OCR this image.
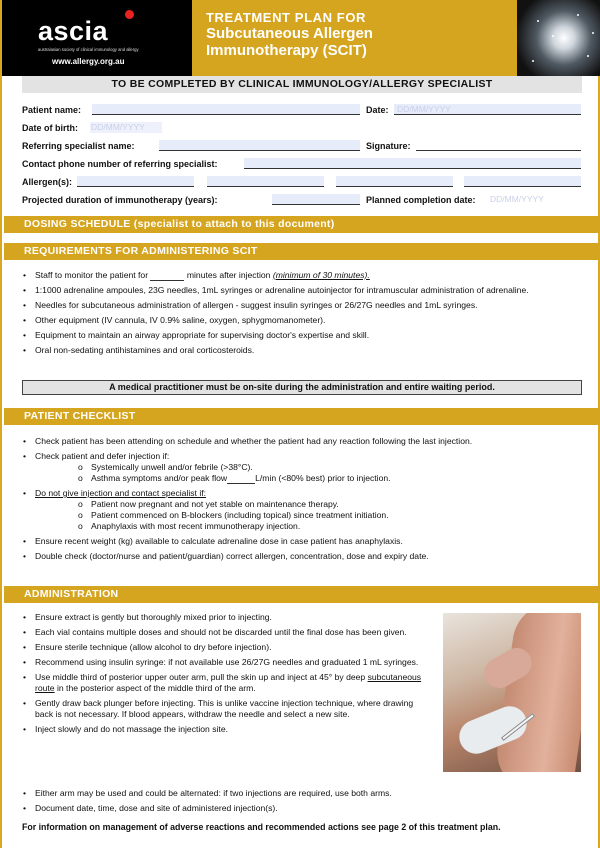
ascia
australasian society of clinical immunology and allergy
www.allergy.org.au
TREATMENT PLAN FOR
Subcutaneous Allergen
Immunotherapy (SCIT)
TO BE COMPLETED BY CLINICAL IMMUNOLOGY/ALLERGY SPECIALIST
Patient name:	Date: DD/MM/YYYY
Date of birth: DD/MM/YYYY
Referring specialist name:	Signature:
Contact phone number of referring specialist:
Allergen(s):
Projected duration of immunotherapy (years):	Planned completion date: DD/MM/YYYY
DOSING SCHEDULE (specialist to attach to this document)
REQUIREMENTS FOR ADMINISTERING SCIT
• Staff to monitor the patient for	minutes after injection (minimum of 30 minutes).
• 1:1000 adrenaline ampoules, 23G needles, 1mL syringes or adrenaline autoinjector for intramuscular administration of adrenaline.
• Needles for subcutaneous administration of allergen - suggest insulin syringes or 26/27G needles and 1mL syringes.
• Other equipment (IV cannula, IV 0.9% saline, oxygen, sphygmomanometer).
• Equipment to maintain an airway appropriate for supervising doctor's expertise and skill.
• Oral non-sedating antihistamines and oral corticosteroids.
A medical practitioner must be on-site during the administration and entire waiting period.
PATIENT CHECKLIST
• Check patient has been attending on schedule and whether the patient had any reaction following the last injection.
• Check patient and defer injection if:
o Systemically unwell and/or febrile (>38°C).
o Asthma symptoms and/or peak flow	L/min (<80% best) prior to injection.
• Do not give injection and contact specialist if:
o Patient now pregnant and not yet stable on maintenance therapy.
o Patient commenced on B-blockers (including topical) since treatment initiation.
o Anaphylaxis with most recent immunotherapy injection.
• Ensure recent weight (kg) available to calculate adrenaline dose in case patient has anaphylaxis.
• Double check (doctor/nurse and patient/guardian) correct allergen, concentration, dose and expiry date.
ADMINISTRATION
• Ensure extract is gently but thoroughly mixed prior to injecting.
• Each vial contains multiple doses and should not be discarded until the final dose has been given.
• Ensure sterile technique (allow alcohol to dry before injection).
• Recommend using insulin syringe: if not available use 26/27G needles and graduated 1 mL syringes.
• Use middle third of posterior upper outer arm, pull the skin up and inject at 45° by deep subcutaneous route in the posterior aspect of the middle third of the arm.
• Gently draw back plunger before injecting. This is unlike vaccine injection technique, where drawing back is not necessary. If blood appears, withdraw the needle and select a new site.
• Inject slowly and do not massage the injection site.
• Either arm may be used and could be alternated: if two injections are required, use both arms.
• Document date, time, dose and site of administered injection(s).
For information on management of adverse reactions and recommended actions see page 2 of this treatment plan.
